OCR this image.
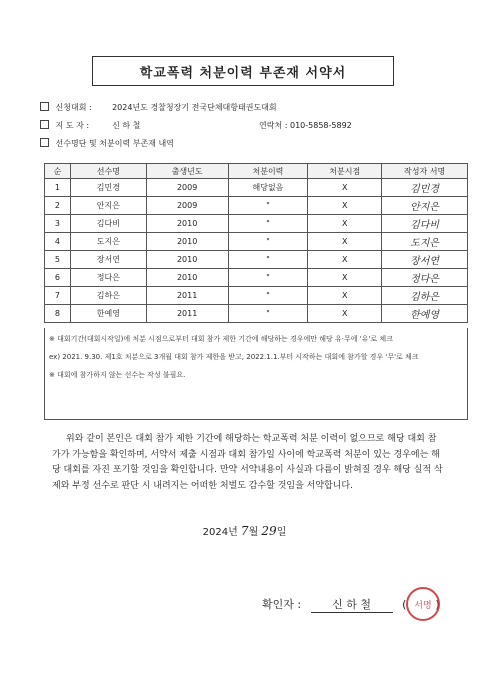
학교폭력 처분이력 부존재 서약서
신청대회 :	2024년도 경찰청장기 전국단체대항태권도대회
지 도 자 :	신 하 철	연락처 : 010-5858-5892
선수명단 및 처분이력 부존재 내역
순	선수명	출생년도	처분이력	처분시점	작성자 서명
1	김민경	2009	해당없음	X	김민경
2	안지은	2009	"	X	안지은
3	김다비	2010	"	X	김다비
4	도지은	2010	"	X	도지은
5	장서연	2010	"	X	장서연
6	정다은	2010	"	X	정다은
7	김하은	2011	"	X	김하은
8	한예영	2011	"	X	한예영

※ 대회기간(대회시작일)에 처분 시점으로부터 대회 참가 제한 기간에 해당하는 경우에만 해당 유·무에 '유'로 체크

ex) 2021. 9.30. 제1호 처분으로 3개월 대회 참가 제한을 받고, 2022.1.1.부터 시작하는 대회에 참가할 경우 '무'로 체크

※ 대회에 참가하지 않는 선수는 작성 불필요.

위와 같이 본인은 대회 참가 제한 기간에 해당하는 학교폭력 처분 이력이 없으므로 해당 대회 참가가 가능함을 확인하며, 서약서 제출 시점과 대회 참가일 사이에 학교폭력 처분이 있는 경우에는 해당 대회를 자진 포기할 것임을 확인합니다. 만약 서약내용이 사실과 다름이 밝혀질 경우 해당 실적 삭제와 부정 선수로 판단 시 내려지는 어떠한 처벌도 감수할 것임을 서약합니다.
2024년 7월 29일
확인자 :	신 하 철	(	)
서명
